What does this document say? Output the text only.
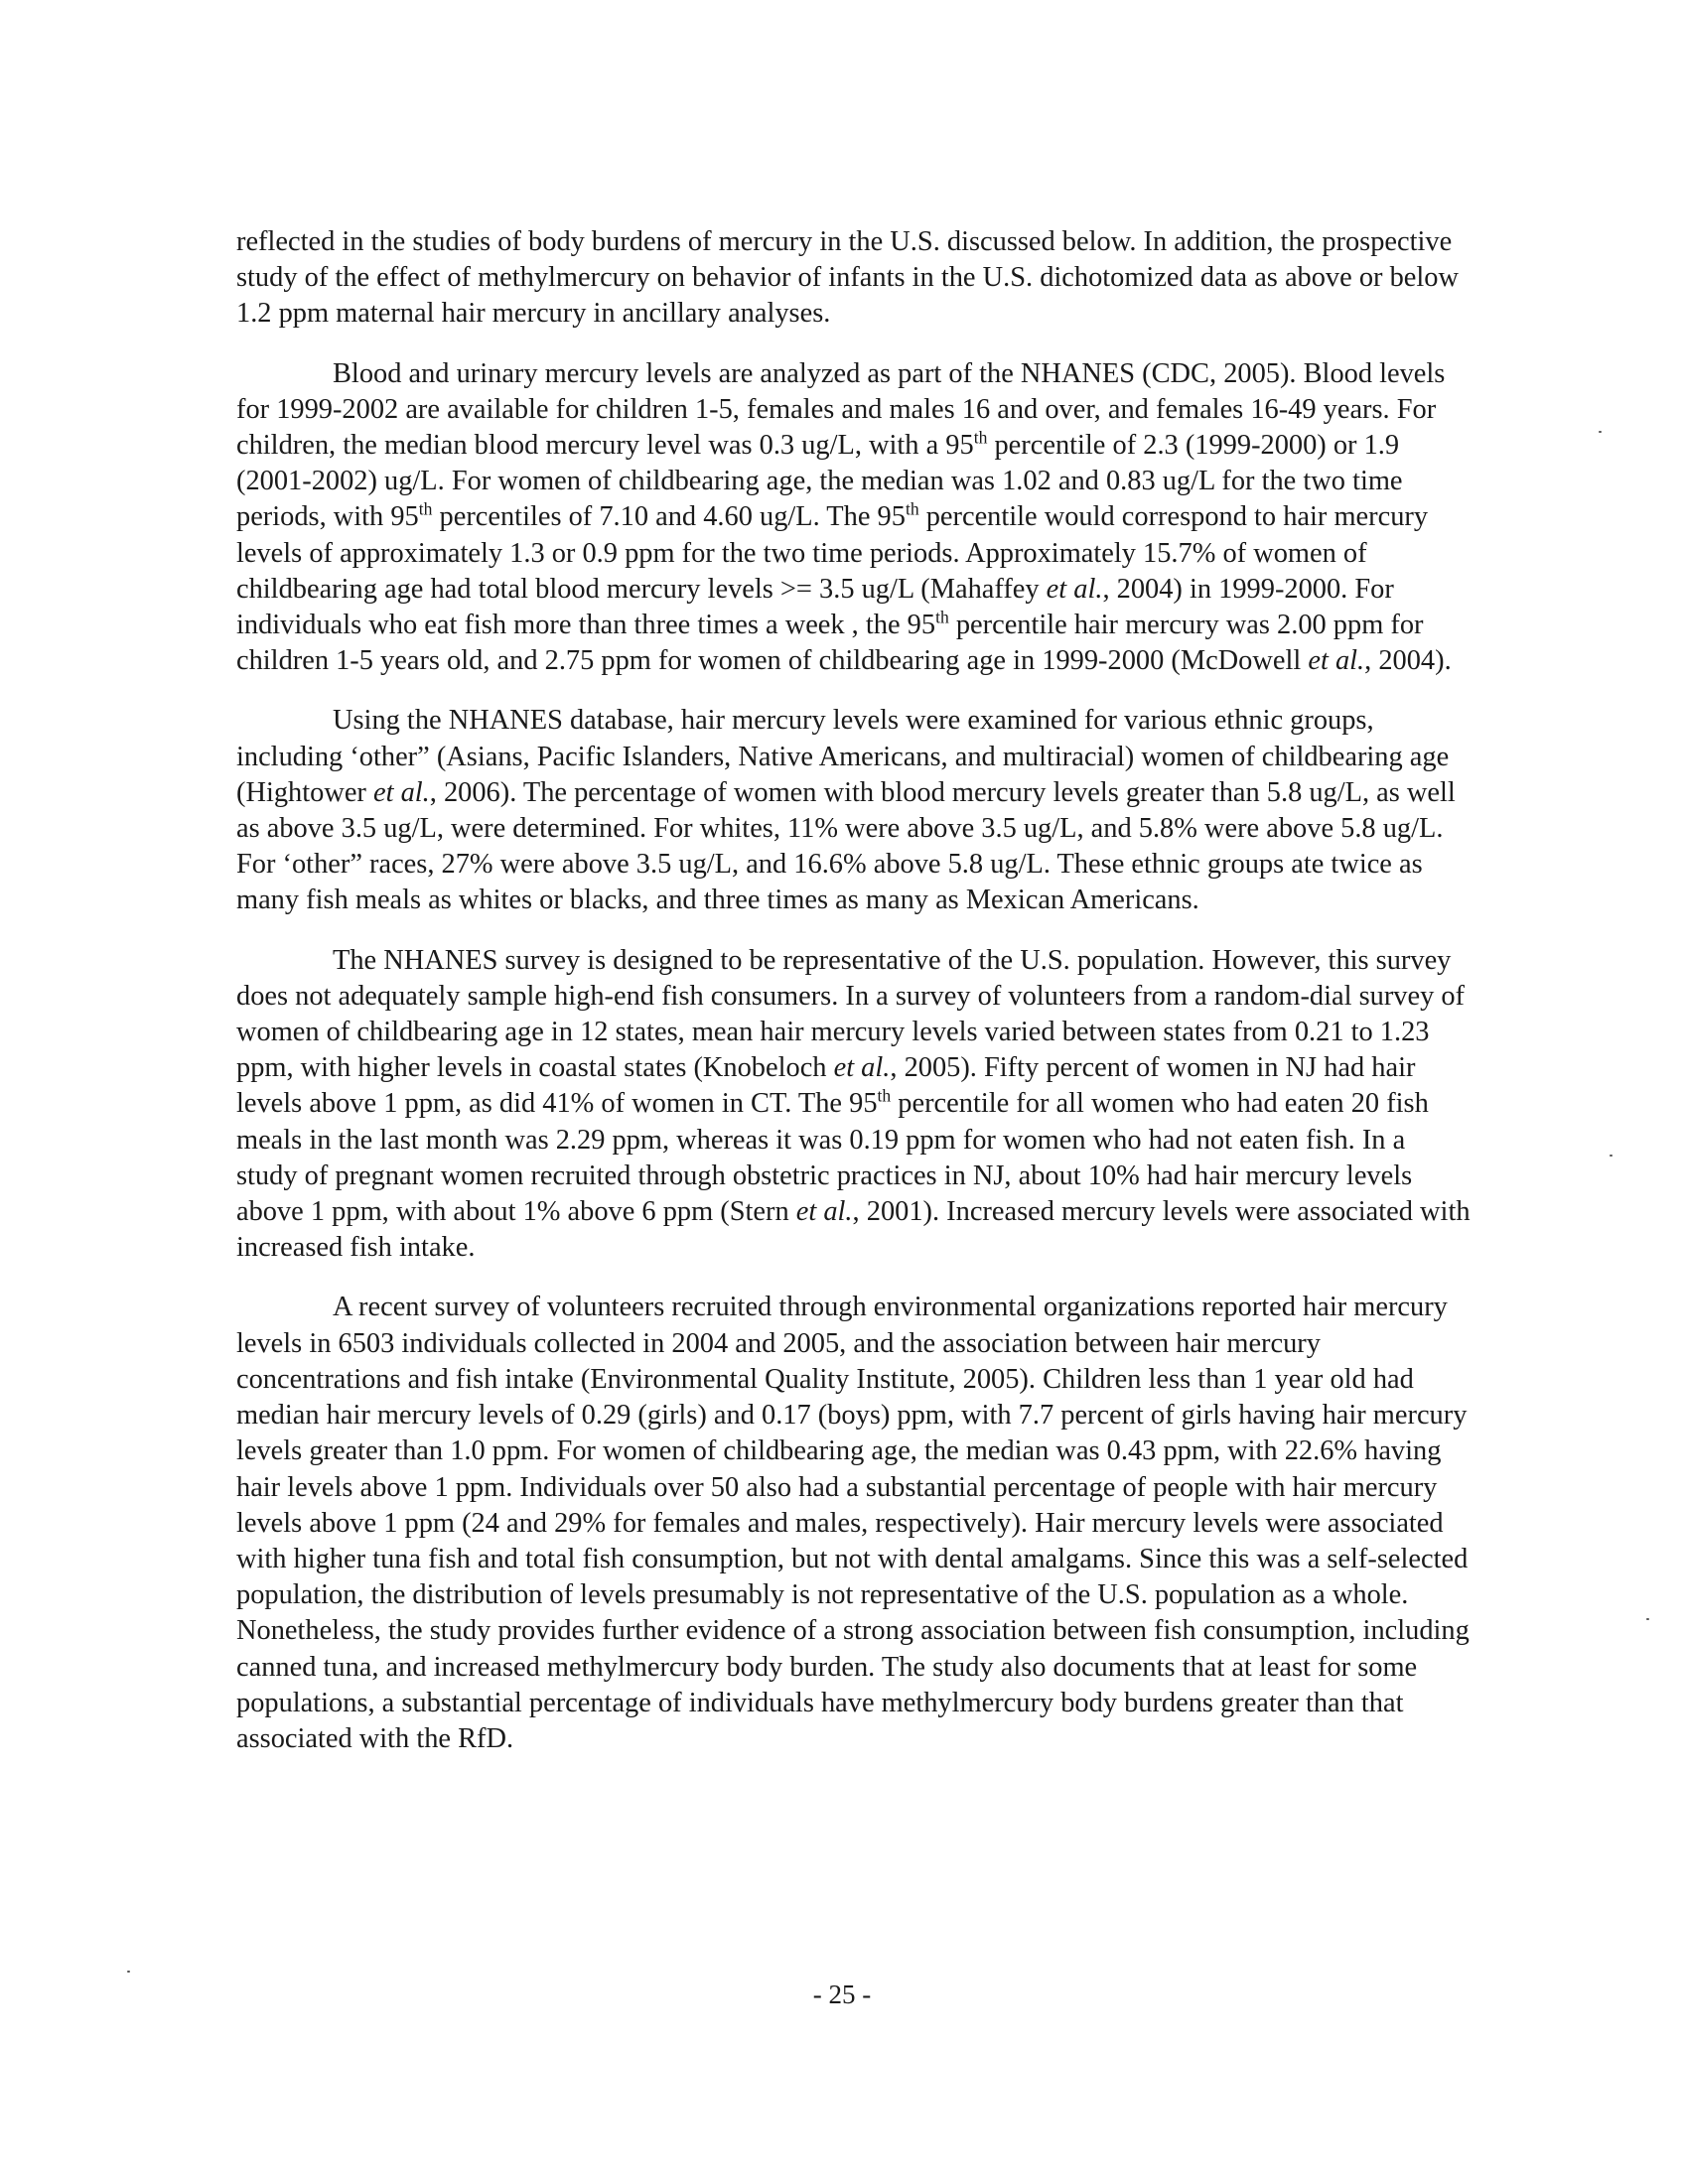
reflected in the studies of body burdens of mercury in the U.S. discussed below. In addition, the prospective study of the effect of methylmercury on behavior of infants in the U.S. dichotomized data as above or below 1.2 ppm maternal hair mercury in ancillary analyses.

Blood and urinary mercury levels are analyzed as part of the NHANES (CDC, 2005). Blood levels for 1999-2002 are available for children 1-5, females and males 16 and over, and females 16-49 years. For children, the median blood mercury level was 0.3 ug/L, with a 95th percentile of 2.3 (1999-2000) or 1.9 (2001-2002) ug/L. For women of childbearing age, the median was 1.02 and 0.83 ug/L for the two time periods, with 95th percentiles of 7.10 and 4.60 ug/L. The 95th percentile would correspond to hair mercury levels of approximately 1.3 or 0.9 ppm for the two time periods. Approximately 15.7% of women of childbearing age had total blood mercury levels >= 3.5 ug/L (Mahaffey et al., 2004) in 1999-2000. For individuals who eat fish more than three times a week , the 95th percentile hair mercury was 2.00 ppm for children 1-5 years old, and 2.75 ppm for women of childbearing age in 1999-2000 (McDowell et al., 2004).

Using the NHANES database, hair mercury levels were examined for various ethnic groups, including ‘other” (Asians, Pacific Islanders, Native Americans, and multiracial) women of childbearing age (Hightower et al., 2006). The percentage of women with blood mercury levels greater than 5.8 ug/L, as well as above 3.5 ug/L, were determined. For whites, 11% were above 3.5 ug/L, and 5.8% were above 5.8 ug/L. For ‘other” races, 27% were above 3.5 ug/L, and 16.6% above 5.8 ug/L. These ethnic groups ate twice as many fish meals as whites or blacks, and three times as many as Mexican Americans.

The NHANES survey is designed to be representative of the U.S. population. However, this survey does not adequately sample high-end fish consumers. In a survey of volunteers from a random-dial survey of women of childbearing age in 12 states, mean hair mercury levels varied between states from 0.21 to 1.23 ppm, with higher levels in coastal states (Knobeloch et al., 2005). Fifty percent of women in NJ had hair levels above 1 ppm, as did 41% of women in CT. The 95th percentile for all women who had eaten 20 fish meals in the last month was 2.29 ppm, whereas it was 0.19 ppm for women who had not eaten fish. In a study of pregnant women recruited through obstetric practices in NJ, about 10% had hair mercury levels above 1 ppm, with about 1% above 6 ppm (Stern et al., 2001). Increased mercury levels were associated with increased fish intake.

A recent survey of volunteers recruited through environmental organizations reported hair mercury levels in 6503 individuals collected in 2004 and 2005, and the association between hair mercury concentrations and fish intake (Environmental Quality Institute, 2005). Children less than 1 year old had median hair mercury levels of 0.29 (girls) and 0.17 (boys) ppm, with 7.7 percent of girls having hair mercury levels greater than 1.0 ppm. For women of childbearing age, the median was 0.43 ppm, with 22.6% having hair levels above 1 ppm. Individuals over 50 also had a substantial percentage of people with hair mercury levels above 1 ppm (24 and 29% for females and males, respectively). Hair mercury levels were associated with higher tuna fish and total fish consumption, but not with dental amalgams. Since this was a self-selected population, the distribution of levels presumably is not representative of the U.S. population as a whole. Nonetheless, the study provides further evidence of a strong association between fish consumption, including canned tuna, and increased methylmercury body burden. The study also documents that at least for some populations, a substantial percentage of individuals have methylmercury body burdens greater than that associated with the RfD.

- 25 -
